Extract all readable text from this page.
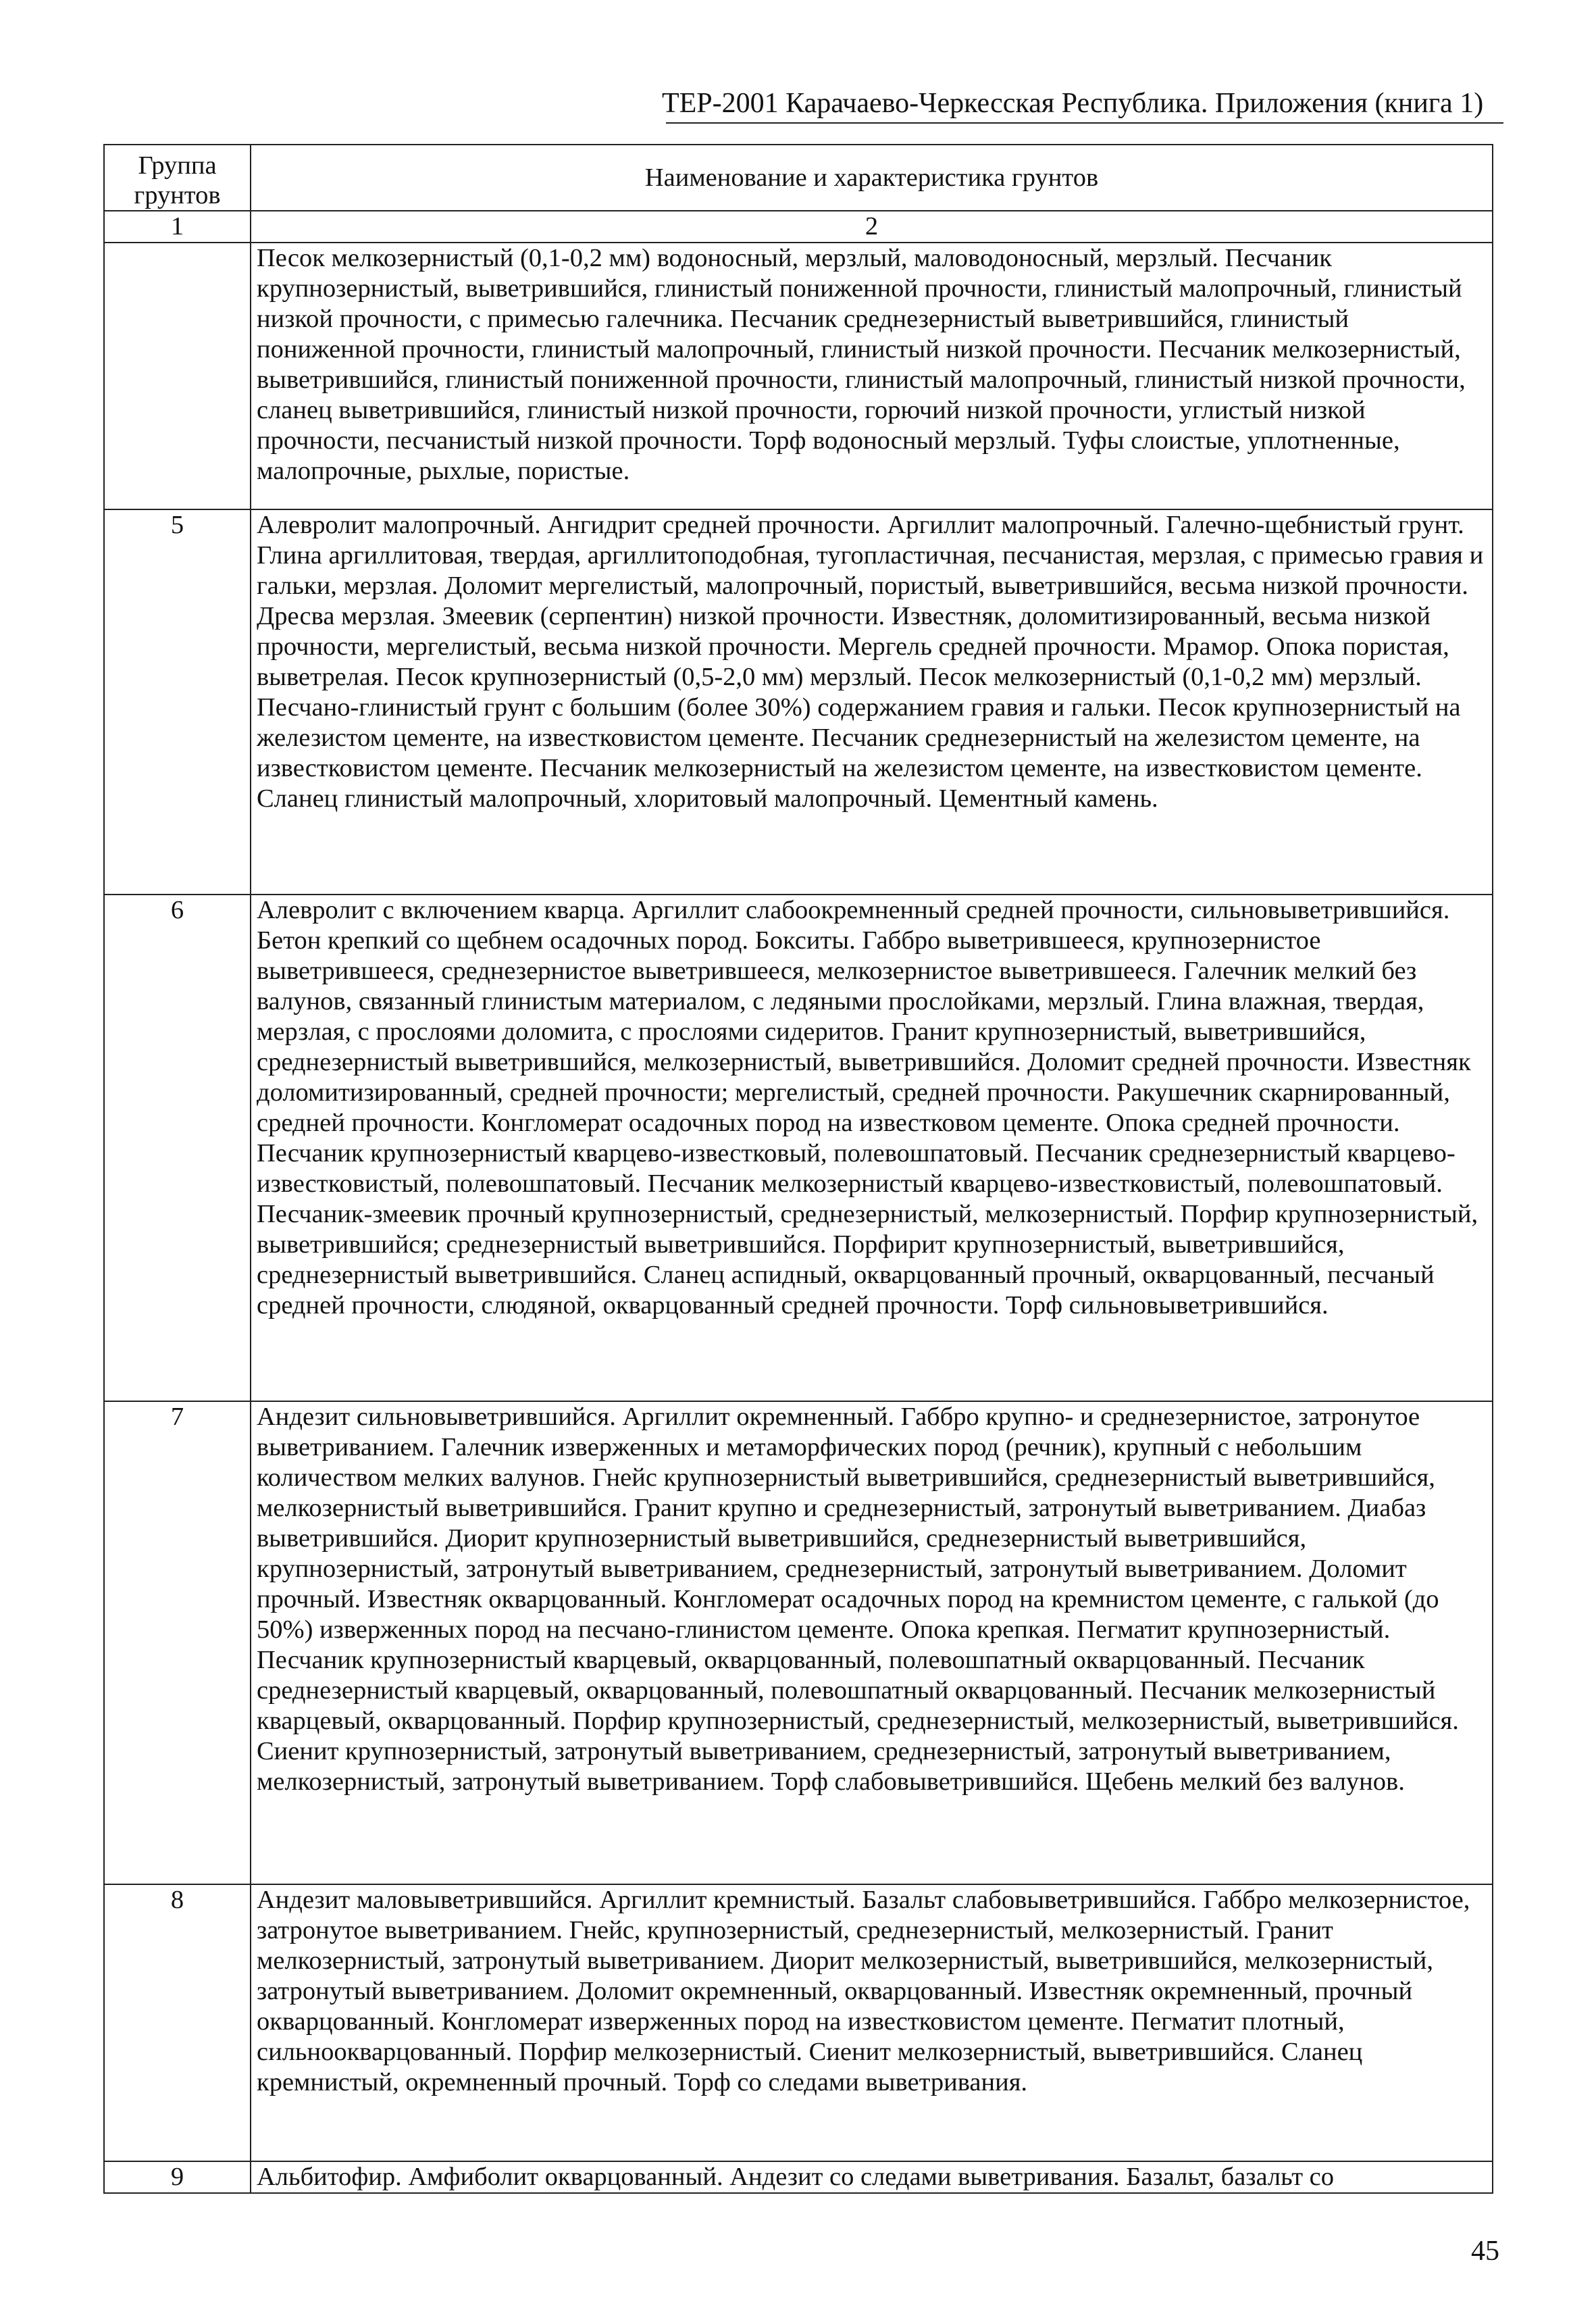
ТЕР-2001 Карачаево-Черкесская Республика. Приложения (книга 1)
Группа грунтов	Наименование и характеристика грунтов
1	2
	Песок мелкозернистый (0,1-0,2 мм) водоносный, мерзлый, маловодоносный, мерзлый. Песчаник крупнозернистый, выветрившийся, глинистый пониженной прочности, глинистый малопрочный, глинистый низкой прочности, с примесью галечника. Песчаник среднезернистый выветрившийся, глинистый пониженной прочности, глинистый малопрочный, глинистый низкой прочности. Песчаник мелкозернистый, выветрившийся, глинистый пониженной прочности, глинистый малопрочный, глинистый низкой прочности, сланец выветрившийся, глинистый низкой прочности, горючий низкой прочности, углистый низкой прочности, песчанистый низкой прочности. Торф водоносный мерзлый. Туфы слоистые, уплотненные, малопрочные, рыхлые, пористые.
5	Алевролит малопрочный. Ангидрит средней прочности. Аргиллит малопрочный. Галечно-щебнистый грунт. Глина аргиллитовая, твердая, аргиллитоподобная, тугопластичная, песчанистая, мерзлая, с примесью гравия и гальки, мерзлая. Доломит мергелистый, малопрочный, пористый, выветрившийся, весьма низкой прочности. Дресва мерзлая. Змеевик (серпентин) низкой прочности. Известняк, доломитизированный, весьма низкой прочности, мергелистый, весьма низкой прочности. Мергель средней прочности. Мрамор. Опока пористая, выветрелая. Песок крупнозернистый (0,5-2,0 мм) мерзлый. Песок мелкозернистый (0,1-0,2 мм) мерзлый. Песчано-глинистый грунт с большим (более 30%) содержанием гравия и гальки. Песок крупнозернистый на железистом цементе, на известковистом цементе. Песчаник среднезернистый на железистом цементе, на известковистом цементе. Песчаник мелкозернистый на железистом цементе, на известковистом цементе. Сланец глинистый малопрочный, хлоритовый малопрочный. Цементный камень.
6	Алевролит с включением кварца. Аргиллит слабоокремненный средней прочности, сильновыветрившийся. Бетон крепкий со щебнем осадочных пород. Бокситы. Габбро выветрившееся, крупнозернистое выветрившееся, среднезернистое выветрившееся, мелкозернистое выветрившееся. Галечник мелкий без валунов, связанный глинистым материалом, с ледяными прослойками, мерзлый. Глина влажная, твердая, мерзлая, с прослоями доломита, с прослоями сидеритов. Гранит крупнозернистый, выветрившийся, среднезернистый выветрившийся, мелкозернистый, выветрившийся. Доломит средней прочности. Известняк доломитизированный, средней прочности; мергелистый, средней прочности. Ракушечник скарнированный, средней прочности. Конгломерат осадочных пород на известковом цементе. Опока средней прочности. Песчаник крупнозернистый кварцево-известковый, полевошпатовый. Песчаник среднезернистый кварцево-известковистый, полевошпатовый. Песчаник мелкозернистый кварцево-известковистый, полевошпатовый. Песчаник-змеевик прочный крупнозернистый, среднезернистый, мелкозернистый. Порфир крупнозернистый, выветрившийся; среднезернистый выветрившийся. Порфирит крупнозернистый, выветрившийся, среднезернистый выветрившийся. Сланец аспидный, окварцованный прочный, окварцованный, песчаный средней прочности, слюдяной, окварцованный средней прочности. Торф сильновыветрившийся.
7	Андезит сильновыветрившийся. Аргиллит окремненный. Габбро крупно- и среднезернистое, затронутое выветриванием. Галечник изверженных и метаморфических пород (речник), крупный с небольшим количеством мелких валунов. Гнейс крупнозернистый выветрившийся, среднезернистый выветрившийся, мелкозернистый выветрившийся. Гранит крупно и среднезернистый, затронутый выветриванием. Диабаз выветрившийся. Диорит крупнозернистый выветрившийся, среднезернистый выветрившийся, крупнозернистый, затронутый выветриванием, среднезернистый, затронутый выветриванием. Доломит прочный. Известняк окварцованный. Конгломерат осадочных пород на кремнистом цементе, с галькой (до 50%) изверженных пород на песчано-глинистом цементе. Опока крепкая. Пегматит крупнозернистый. Песчаник крупнозернистый кварцевый, окварцованный, полевошпатный окварцованный. Песчаник среднезернистый кварцевый, окварцованный, полевошпатный окварцованный. Песчаник мелкозернистый кварцевый, окварцованный. Порфир крупнозернистый, среднезернистый, мелкозернистый, выветрившийся. Сиенит крупнозернистый, затронутый выветриванием, среднезернистый, затронутый выветриванием, мелкозернистый, затронутый выветриванием. Торф слабовыветрившийся. Щебень мелкий без валунов.
8	Андезит маловыветрившийся. Аргиллит кремнистый. Базальт слабовыветрившийся. Габбро мелкозернистое, затронутое выветриванием. Гнейс, крупнозернистый, среднезернистый, мелкозернистый. Гранит мелкозернистый, затронутый выветриванием. Диорит мелкозернистый, выветрившийся, мелкозернистый, затронутый выветриванием. Доломит окремненный, окварцованный. Известняк окремненный, прочный окварцованный. Конгломерат изверженных пород на известковистом цементе. Пегматит плотный, сильноокварцованный. Порфир мелкозернистый. Сиенит мелкозернистый, выветрившийся. Сланец кремнистый, окремненный прочный. Торф со следами выветривания.
9	Альбитофир. Амфиболит окварцованный. Андезит со следами выветривания. Базальт, базальт со
45
